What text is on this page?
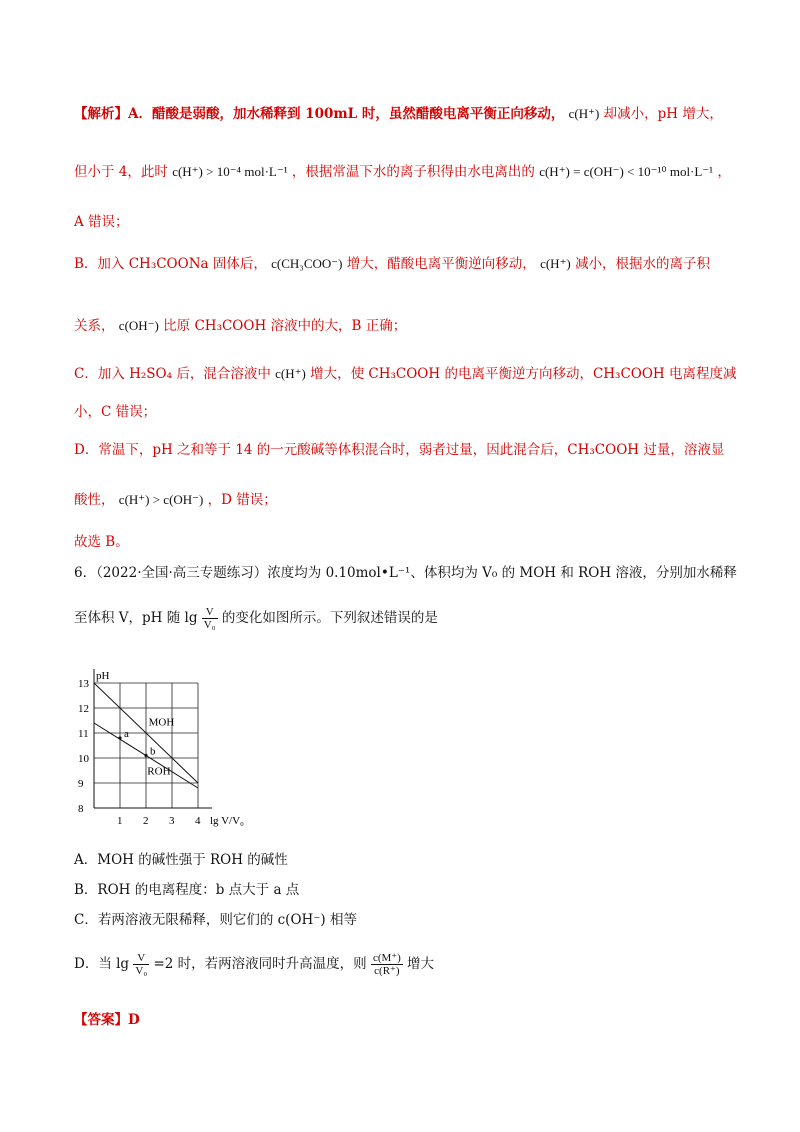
【解析】A．醋酸是弱酸，加水稀释到 100mL 时，虽然醋酸电离平衡正向移动， c(H⁺) 却减小，pH 增大，
但小于 4，此时 c(H⁺) > 10⁻⁴ mol·L⁻¹ ，根据常温下水的离子积得由水电离出的 c(H⁺) = c(OH⁻) < 10⁻¹⁰ mol·L⁻¹ ，
A 错误；
B．加入 CH₃COONa 固体后， c(CH₃COO⁻) 增大，醋酸电离平衡逆向移动， c(H⁺) 减小，根据水的离子积
关系， c(OH⁻) 比原 CH₃COOH 溶液中的大，B 正确；
C．加入 H₂SO₄ 后，混合溶液中 c(H⁺) 增大，使 CH₃COOH 的电离平衡逆方向移动，CH₃COOH 电离程度减
小，C 错误；
D．常温下，pH 之和等于 14 的一元酸碱等体积混合时，弱者过量，因此混合后，CH₃COOH 过量，溶液显
酸性， c(H⁺) > c(OH⁻) ，D 错误；
故选 B。
6．（2022·全国·高三专题练习）浓度均为 0.10mol•L⁻¹、体积均为 V₀ 的 MOH 和 ROH 溶液，分别加水稀释
至体积 V，pH 随 $\lg \frac{V}{\text{V₀}}$ 的变化如图所示。下列叙述错误的是
pH
lg V/V₀
8
9
10
11
12
13
1 2 3 4
MOH
ROH
a
b
A．MOH 的碱性强于 ROH 的碱性
B．ROH 的电离程度：b 点大于 a 点
C．若两溶液无限稀释，则它们的 c(OH⁻) 相等
D．当 $\lg \frac{V}{\text{V₀}} =2$ 时，若两溶液同时升高温度，则 $\frac{c(M^+)}{c(R^+)}$ 增大
【答案】D
